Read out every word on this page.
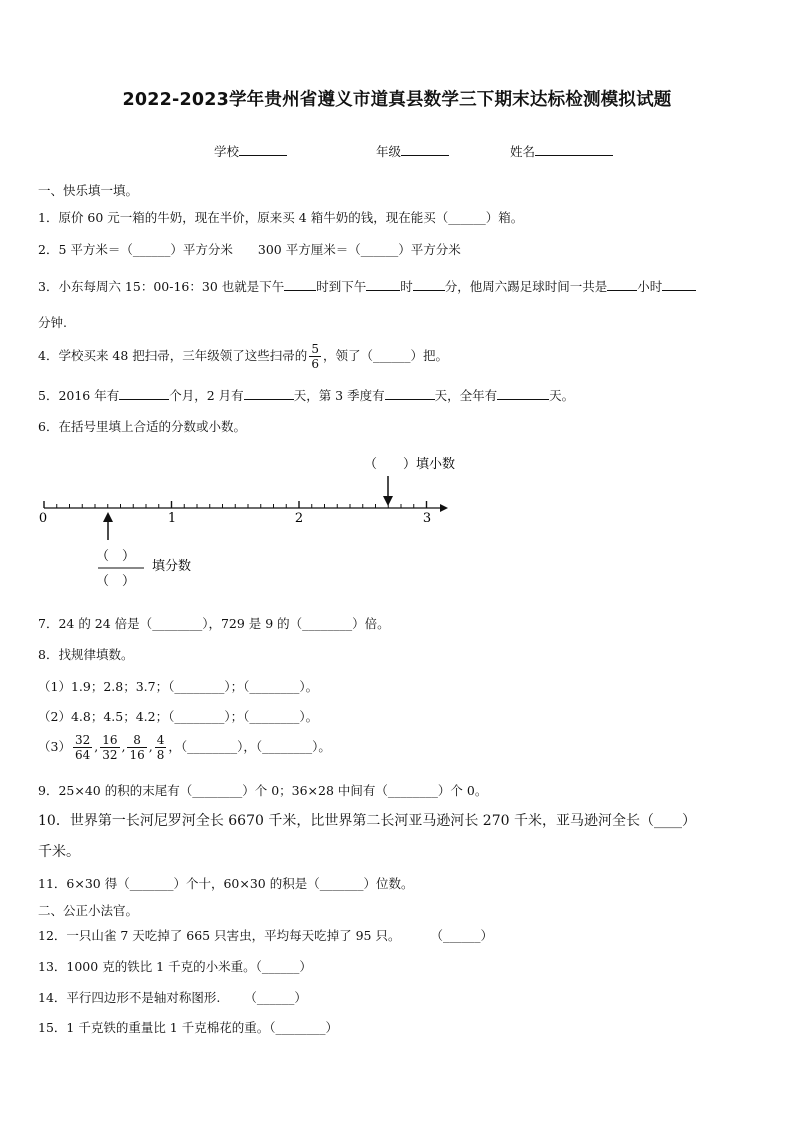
2022-2023学年贵州省遵义市道真县数学三下期末达标检测模拟试题
学校	年级	姓名
一、快乐填一填。
1．原价 60 元一箱的牛奶，现在半价，原来买 4 箱牛奶的钱，现在能买（______）箱。
2．5 平方米＝（______）平方分米　　300 平方厘米＝（______）平方分米
3．小东每周六 15：00-16：30 也就是下午	时到下午	时	分，他周六踢足球时间一共是 小时
分钟.
4．学校买来 48 把扫帚，三年级领了这些扫帚的 $\frac{5}{6}$ ，领了（______）把。
5．2016 年有	个月，2 月有	天，第 3 季度有	天，全年有	天。
6．在括号里填上合适的分数或小数。
（　　）填小数
0	1	2	3
（　）
（　）
填分数
7．24 的 24 倍是（________），729 是 9 的（________）倍。
8．找规律填数。
（1）1.9；2.8；3.7；（________）；（________）。
（2）4.8；4.5；4.2；（________）；（________）。
$(3) \frac{32}{64}$ , $\frac{16}{32}$ , $\frac{8}{16}$ , $\frac{4}{8}$ ，（________），（________）。
9．25×40 的积的末尾有（________）个 0；36×28 中间有（________）个 0。
10．世界第一长河尼罗河全长 6670 千米，比世界第二长河亚马逊河长 270 千米，亚马逊河全长（____）
千米。
11．6×30 得（_______）个十，60×30 的积是（_______）位数。
二、公正小法官。
12．一只山雀 7 天吃掉了 665 只害虫，平均每天吃掉了 95 只。 （______）
13．1000 克的铁比 1 千克的小米重。（______）
14．平行四边形不是轴对称图形. （______）
15．1 千克铁的重量比 1 千克棉花的重。（________）
